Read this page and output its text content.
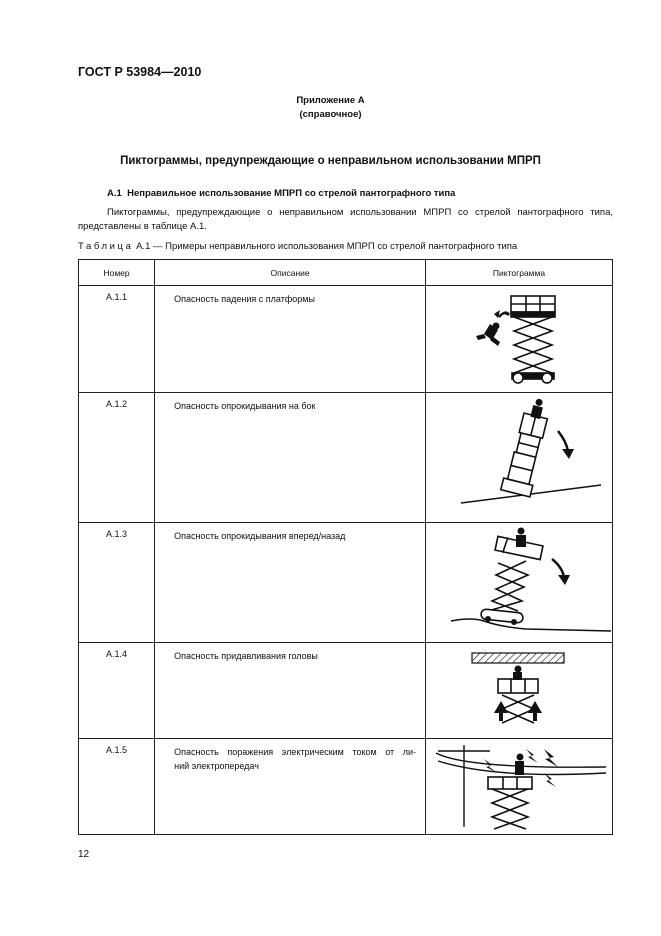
ГОСТ Р 53984—2010
Приложение А
(справочное)
Пиктограммы, предупреждающие о неправильном использовании МПРП
А.1 Неправильное использование МПРП со стрелой пантографного типа
Пиктограммы, предупреждающие о неправильном использовании МПРП со стрелой пантографного типа, представлены в таблице А.1.
Таблица А.1 — Примеры неправильного использования МПРП со стрелой пантографного типа
Номер	Описание	Пиктограмма
А.1.1	Опасность падения с платформы	

А.1.2	Опасность опрокидывания на бок	

А.1.3	Опасность опрокидывания вперед/назад	

А.1.4	Опасность придавливания головы	

А.1.5	Опасность поражения электрическим током от ли-
ний электропередач

12
